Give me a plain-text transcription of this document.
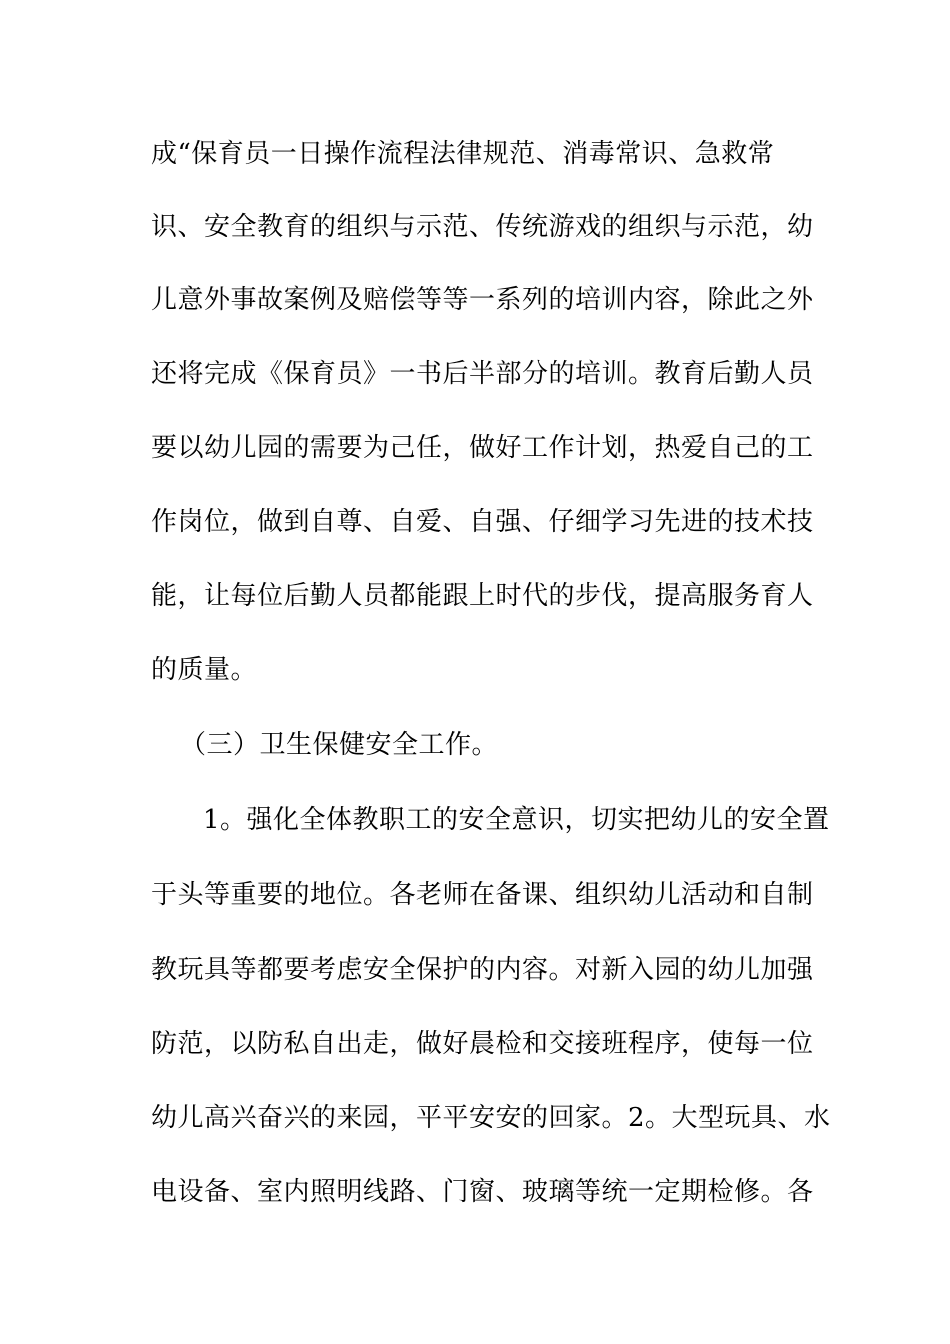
成“保育员一日操作流程法律规范、消毒常识、急救常
识、安全教育的组织与示范、传统游戏的组织与示范，幼
儿意外事故案例及赔偿等等一系列的培训内容，除此之外
还将完成《保育员》一书后半部分的培训。教育后勤人员
要以幼儿园的需要为己任，做好工作计划，热爱自己的工
作岗位，做到自尊、自爱、自强、仔细学习先进的技术技
能，让每位后勤人员都能跟上时代的步伐，提高服务育人
的质量。
（三）卫生保健安全工作。
1。强化全体教职工的安全意识，切实把幼儿的安全置
于头等重要的地位。各老师在备课、组织幼儿活动和自制
教玩具等都要考虑安全保护的内容。对新入园的幼儿加强
防范，以防私自出走，做好晨检和交接班程序，使每一位
幼儿高兴奋兴的来园，平平安安的回家。2。大型玩具、水
电设备、室内照明线路、门窗、玻璃等统一定期检修。各
